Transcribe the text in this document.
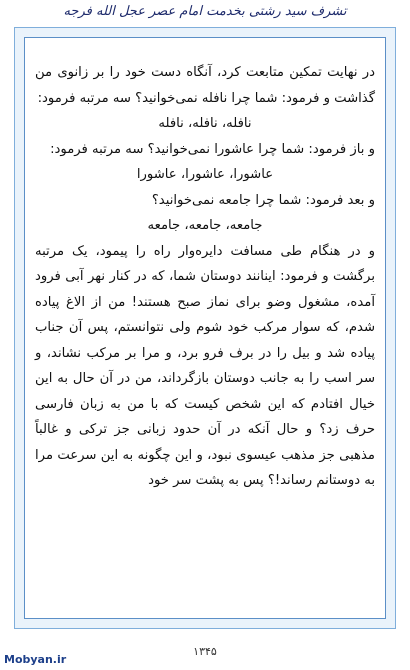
تشرف سید رشتی بخدمت امام عصر عجل الله فرجه

در نهایت تمکین متابعت کرد، آنگاه دست خود را بر زانوی من گذاشت و فرمود: شما چرا نافله نمی‌خوانید؟ سه مرتبه فرمود:

نافله، نافله، نافله

و باز فرمود: شما چرا عاشورا نمی‌خوانید؟ سه مرتبه فرمود:

عاشورا، عاشورا، عاشورا

و بعد فرمود: شما چرا جامعه نمی‌خوانید؟

جامعه، جامعه، جامعه

و در هنگام طی مسافت دایره‌وار راه را پیمود، یک مرتبه برگشت و فرمود: اینانند دوستان شما، که در کنار نهر آبی فرود آمده، مشغول وضو برای نماز صبح هستند! من از الاغ پیاده شدم، که سوار مرکب خود شوم ولی نتوانستم، پس آن جناب پیاده شد و بیل را در برف فرو برد، و مرا بر مرکب نشاند، و سر اسب را به جانب دوستان بازگرداند، من در آن حال به این خیال افتادم که این شخص کیست که با من به زبان فارسی حرف زد؟ و حال آنکه در آن حدود زبانی جز ترکی و غالباً مذهبی جز مذهب عیسوی نبود، و این چگونه به این سرعت مرا به دوستانم رساند!؟ پس به پشت سر خود

۱۳۴۵
Mobyan.ir
